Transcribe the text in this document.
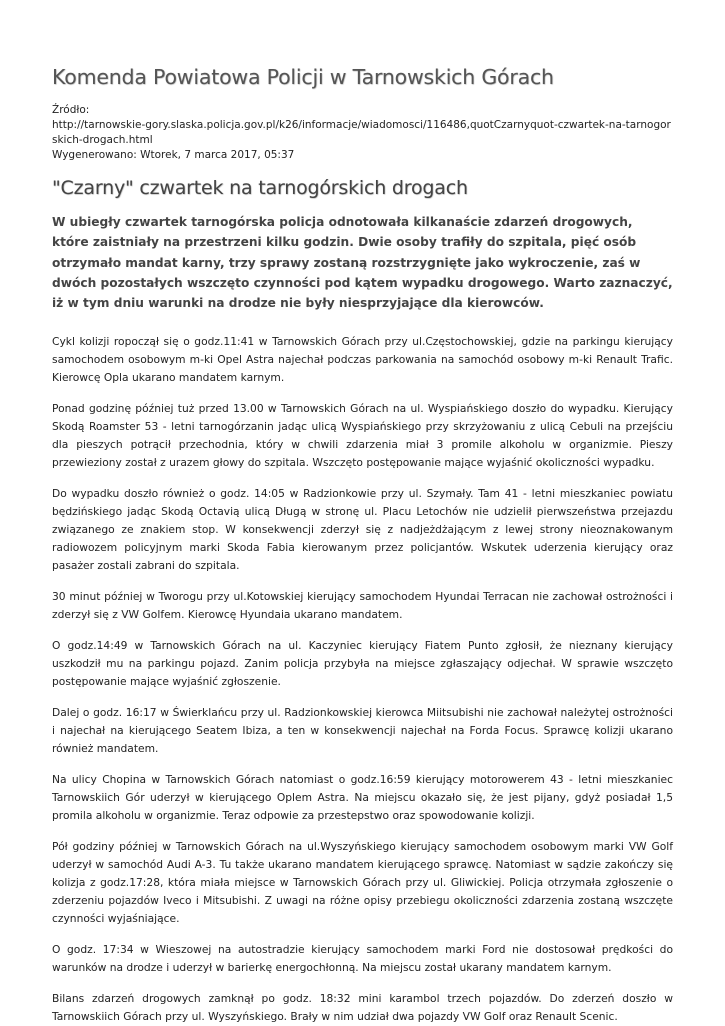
Komenda Powiatowa Policji w Tarnowskich Górach
Źródło:
http://tarnowskie-gory.slaska.policja.gov.pl/k26/informacje/wiadomosci/116486,quotCzarnyquot-czwartek-na-tarnogorskich-drogach.html
Wygenerowano: Wtorek, 7 marca 2017, 05:37
"Czarny" czwartek na tarnogórskich drogach

W ubiegły czwartek tarnogórska policja odnotowała kilkanaście zdarzeń drogowych, które zaistniały na przestrzeni kilku godzin. Dwie osoby trafiły do szpitala, pięć osób otrzymało mandat karny, trzy sprawy zostaną rozstrzygnięte jako wykroczenie, zaś w dwóch pozostałych wszczęto czynności pod kątem wypadku drogowego. Warto zaznaczyć, iż w tym dniu warunki na drodze nie były niesprzyjające dla kierowców.

Cykl kolizji ropoczął się o godz.11:41 w Tarnowskich Górach przy ul.Częstochowskiej, gdzie na parkingu kierujący samochodem osobowym m-ki Opel Astra najechał podczas parkowania na samochód osobowy m-ki Renault Trafic. Kierowcę Opla ukarano mandatem karnym.

Ponad godzinę później tuż przed 13.00 w Tarnowskich Górach na ul. Wyspiańskiego doszło do wypadku. Kierujący Skodą Roamster 53 - letni tarnogórzanin jadąc ulicą Wyspiańskiego przy skrzyżowaniu z ulicą Cebuli na przejściu dla pieszych potrącił przechodnia, który w chwili zdarzenia miał 3 promile alkoholu w organizmie. Pieszy przewieziony został z urazem głowy do szpitala. Wszczęto postępowanie mające wyjaśnić okoliczności wypadku.

Do wypadku doszło również o godz. 14:05 w Radzionkowie przy ul. Szymały. Tam 41 - letni mieszkaniec powiatu będzińskiego jadąc Skodą Octavią ulicą Długą w stronę ul. Placu Letochów nie udzielił pierwszeństwa przejazdu związanego ze znakiem stop. W konsekwencji zderzył się z nadjeżdżającym z lewej strony nieoznakowanym radiowozem policyjnym marki Skoda Fabia kierowanym przez policjantów. Wskutek uderzenia kierujący oraz pasażer zostali zabrani do szpitala.

30 minut później w Tworogu przy ul.Kotowskiej kierujący samochodem Hyundai Terracan nie zachował ostrożności i zderzył się z VW Golfem. Kierowcę Hyundaia ukarano mandatem.

O godz.14:49 w Tarnowskich Górach na ul. Kaczyniec kierujący Fiatem Punto zgłosił, że nieznany kierujący uszkodził mu na parkingu pojazd. Zanim policja przybyła na miejsce zgłaszający odjechał. W sprawie wszczęto postępowanie mające wyjaśnić zgłoszenie.

Dalej o godz. 16:17 w Świerklańcu przy ul. Radzionkowskiej kierowca Miitsubishi nie zachował należytej ostrożności i najechał na kierującego Seatem Ibiza, a ten w konsekwencji najechał na Forda Focus. Sprawcę kolizji ukarano również mandatem.

Na ulicy Chopina w Tarnowskich Górach natomiast o godz.16:59 kierujący motorowerem 43 - letni mieszkaniec Tarnowskiich Gór uderzył w kierującego Oplem Astra. Na miejscu okazało się, że jest pijany, gdyż posiadał 1,5 promila alkoholu w organizmie. Teraz odpowie za przestepstwo oraz spowodowanie kolizji.

Pół godziny później w Tarnowskich Górach na ul.Wyszyńskiego kierujący samochodem osobowym marki VW Golf uderzył w samochód Audi A-3. Tu także ukarano mandatem kierującego sprawcę. Natomiast w sądzie zakończy się kolizja z godz.17:28, która miała miejsce w Tarnowskich Górach przy ul. Gliwickiej. Policja otrzymała zgłoszenie o zderzeniu pojazdów Iveco i Mitsubishi. Z uwagi na różne opisy przebiegu okoliczności zdarzenia zostaną wszczęte czynności wyjaśniające.

O godz. 17:34 w Wieszowej na autostradzie kierujący samochodem marki Ford nie dostosował prędkości do warunków na drodze i uderzył w barierkę energochłonną. Na miejscu został ukarany mandatem karnym.

Bilans zdarzeń drogowych zamknął po godz. 18:32 mini karambol trzech pojazdów. Do zderzeń doszło w Tarnowskiich Górach przy ul. Wyszyńskiego. Brały w nim udział dwa pojazdy VW Golf oraz Renault Scenic.
